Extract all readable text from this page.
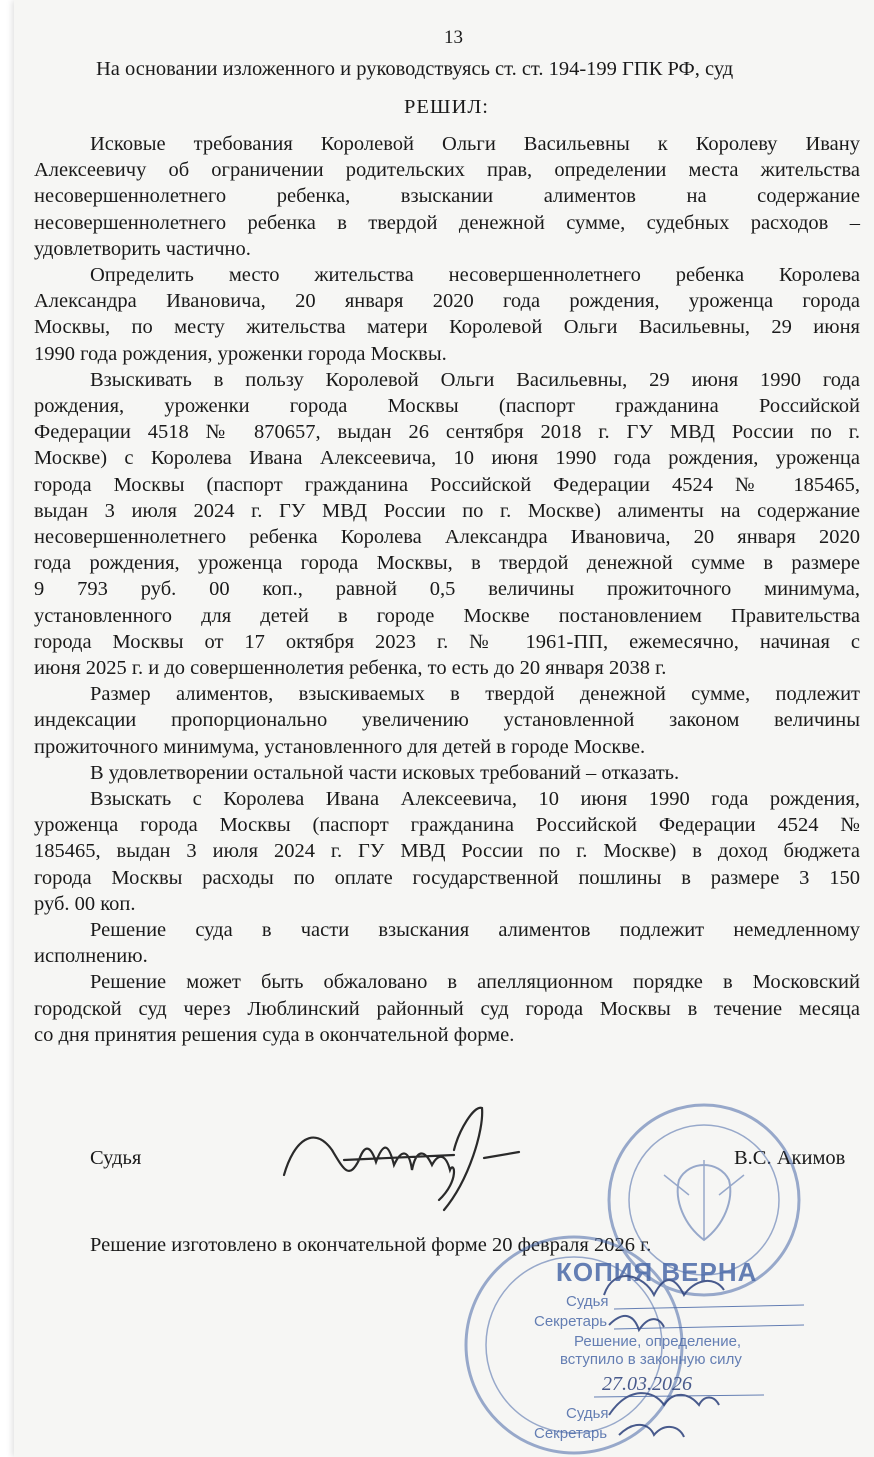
13
На основании изложенного и руководствуясь ст. ст. 194-199 ГПК РФ, суд
РЕШИЛ:
Исковые требования Королевой Ольги Васильевны к Королеву Ивану
Алексеевичу об ограничении родительских прав, определении места жительства
несовершеннолетнего ребенка, взыскании алиментов на содержание
несовершеннолетнего ребенка в твердой денежной сумме, судебных расходов –
удовлетворить частично.
Определить место жительства несовершеннолетнего ребенка Королева
Александра Ивановича, 20 января 2020 года рождения, уроженца города
Москвы, по месту жительства матери Королевой Ольги Васильевны, 29 июня
1990 года рождения, уроженки города Москвы.
Взыскивать в пользу Королевой Ольги Васильевны, 29 июня 1990 года
рождения, уроженки города Москвы (паспорт гражданина Российской
Федерации 4518 № 870657, выдан 26 сентября 2018 г. ГУ МВД России по г.
Москве) с Королева Ивана Алексеевича, 10 июня 1990 года рождения, уроженца
города Москвы (паспорт гражданина Российской Федерации 4524 № 185465,
выдан 3 июля 2024 г. ГУ МВД России по г. Москве) алименты на содержание
несовершеннолетнего ребенка Королева Александра Ивановича, 20 января 2020
года рождения, уроженца города Москвы, в твердой денежной сумме в размере
9 793 руб. 00 коп., равной 0,5 величины прожиточного минимума,
установленного для детей в городе Москве постановлением Правительства
города Москвы от 17 октября 2023 г. № 1961-ПП, ежемесячно, начиная с
июня 2025 г. и до совершеннолетия ребенка, то есть до 20 января 2038 г.
Размер алиментов, взыскиваемых в твердой денежной сумме, подлежит
индексации пропорционально увеличению установленной законом величины
прожиточного минимума, установленного для детей в городе Москве.
В удовлетворении остальной части исковых требований – отказать.
Взыскать с Королева Ивана Алексеевича, 10 июня 1990 года рождения,
уроженца города Москвы (паспорт гражданина Российской Федерации 4524 №
185465, выдан 3 июля 2024 г. ГУ МВД России по г. Москве) в доход бюджета
города Москвы расходы по оплате государственной пошлины в размере 3 150
руб. 00 коп.
Решение суда в части взыскания алиментов подлежит немедленному
исполнению.
Решение может быть обжаловано в апелляционном порядке в Московский
городской суд через Люблинский районный суд города Москвы в течение месяца
со дня принятия решения суда в окончательной форме.
Судья	В.С. Акимов
Решение изготовлено в окончательной форме 20 февраля 2026 г.
КОПИЯ ВЕРНА
Судья
Секретарь
Решение, определение,
вступило в законную силу
27.03.2026
Судья
Секретарь
